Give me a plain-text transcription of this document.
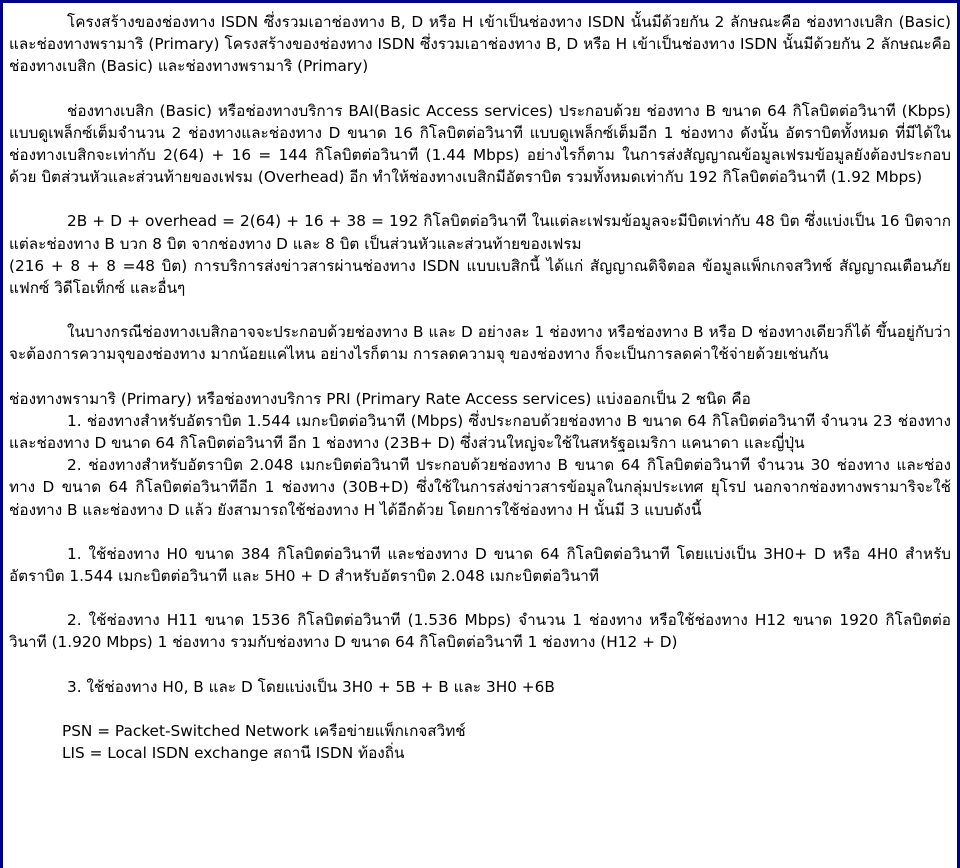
โครงสร้างของช่องทาง ISDN ซึ่งรวมเอาช่องทาง B, D หรือ H เข้าเป็นช่องทาง ISDN นั้นมีด้วยกัน 2 ลักษณะคือ ช่องทางเบสิก (Basic) และช่องทางพรามาริ (Primary) โครงสร้างของช่องทาง ISDN ซึ่งรวมเอาช่องทาง B, D หรือ H เข้าเป็นช่องทาง ISDN นั้นมีด้วยกัน 2 ลักษณะคือช่องทางเบสิก (Basic) และช่องทางพรามาริ (Primary)

ช่องทางเบสิก (Basic) หรือช่องทางบริการ BAI(Basic Access services) ประกอบด้วย ช่องทาง B ขนาด 64 กิโลบิตต่อวินาที (Kbps) แบบดูเพล็กซ์เต็มจำนวน 2 ช่องทางและช่องทาง D ขนาด 16 กิโลบิตต่อวินาที แบบดูเพล็กซ์เต็มอีก 1 ช่องทาง ดังนั้น อัตราบิตทั้งหมด ที่มีได้ในช่องทางเบสิกจะเท่ากับ 2(64) + 16 = 144 กิโลบิตต่อวินาที (1.44 Mbps) อย่างไรก็ตาม ในการส่งสัญญาณข้อมูลเฟรมข้อมูลยังต้องประกอบด้วย บิตส่วนหัวและส่วนท้ายของเฟรม (Overhead) อีก ทำให้ช่องทางเบสิกมีอัตราบิต รวมทั้งหมดเท่ากับ 192 กิโลบิตต่อวินาที (1.92 Mbps)

2B + D + overhead = 2(64) + 16 + 38 = 192 กิโลบิตต่อวินาที ในแต่ละเฟรมข้อมูลจะมีบิตเท่ากับ 48 บิต ซึ่งแบ่งเป็น 16 บิตจากแต่ละช่องทาง B บวก 8 บิต จากช่องทาง D และ 8 บิต เป็นส่วนหัวและส่วนท้ายของเฟรม
(216 + 8 + 8 =48 บิต) การบริการส่งข่าวสารผ่านช่องทาง ISDN แบบเบสิกนี้ ได้แก่ สัญญาณดิจิตอล ข้อมูลแพ็กเกจสวิทช์ สัญญาณเตือนภัย แฟกซ์ วิดีโอเท็กซ์ และอื่นๆ

ในบางกรณีช่องทางเบสิกอาจจะประกอบด้วยช่องทาง B และ D อย่างละ 1 ช่องทาง หรือช่องทาง B หรือ D ช่องทางเดียวก็ได้ ขึ้นอยู่กับว่าจะต้องการความจุของช่องทาง มากน้อยแค่ไหน อย่างไรก็ตาม การลดความจุ ของช่องทาง ก็จะเป็นการลดค่าใช้จ่ายด้วยเช่นกัน

ช่องทางพรามาริ (Primary) หรือช่องทางบริการ PRI (Primary Rate Access services) แบ่งออกเป็น 2 ชนิด คือ

1. ช่องทางสำหรับอัตราบิต 1.544 เมกะบิตต่อวินาที (Mbps) ซึ่งประกอบด้วยช่องทาง B ขนาด 64 กิโลบิตต่อวินาที จำนวน 23 ช่องทาง และช่องทาง D ขนาด 64 กิโลบิตต่อวินาที อีก 1 ช่องทาง (23B+ D) ซึ่งส่วนใหญ่จะใช้ในสหรัฐอเมริกา แคนาดา และญี่ปุ่น

2. ช่องทางสำหรับอัตราบิต 2.048 เมกะบิตต่อวินาที ประกอบด้วยช่องทาง B ขนาด 64 กิโลบิตต่อวินาที จำนวน 30 ช่องทาง และช่องทาง D ขนาด 64 กิโลบิตต่อวินาทีอีก 1 ช่องทาง (30B+D) ซึ่งใช้ในการส่งข่าวสารข้อมูลในกลุ่มประเทศ ยุโรป นอกจากช่องทางพรามาริจะใช้ช่องทาง B และช่องทาง D แล้ว ยังสามารถใช้ช่องทาง H ได้อีกด้วย โดยการใช้ช่องทาง H นั้นมี 3 แบบดังนี้

1. ใช้ช่องทาง H0 ขนาด 384 กิโลบิตต่อวินาที และช่องทาง D ขนาด 64 กิโลบิตต่อวินาที โดยแบ่งเป็น 3H0+ D หรือ 4H0 สำหรับอัตราบิต 1.544 เมกะบิตต่อวินาที และ 5H0 + D สำหรับอัตราบิต 2.048 เมกะบิตต่อวินาที

2. ใช้ช่องทาง H11 ขนาด 1536 กิโลบิตต่อวินาที (1.536 Mbps) จำนวน 1 ช่องทาง หรือใช้ช่องทาง H12 ขนาด 1920 กิโลบิตต่อวินาที (1.920 Mbps) 1 ช่องทาง รวมกับช่องทาง D ขนาด 64 กิโลบิตต่อวินาที 1 ช่องทาง (H12 + D)

3. ใช้ช่องทาง H0, B และ D โดยแบ่งเป็น 3H0 + 5B + B และ 3H0 +6B

PSN = Packet-Switched Network เครือข่ายแพ็กเกจสวิทช์
LIS = Local ISDN exchange สถานี ISDN ท้องถิ่น
